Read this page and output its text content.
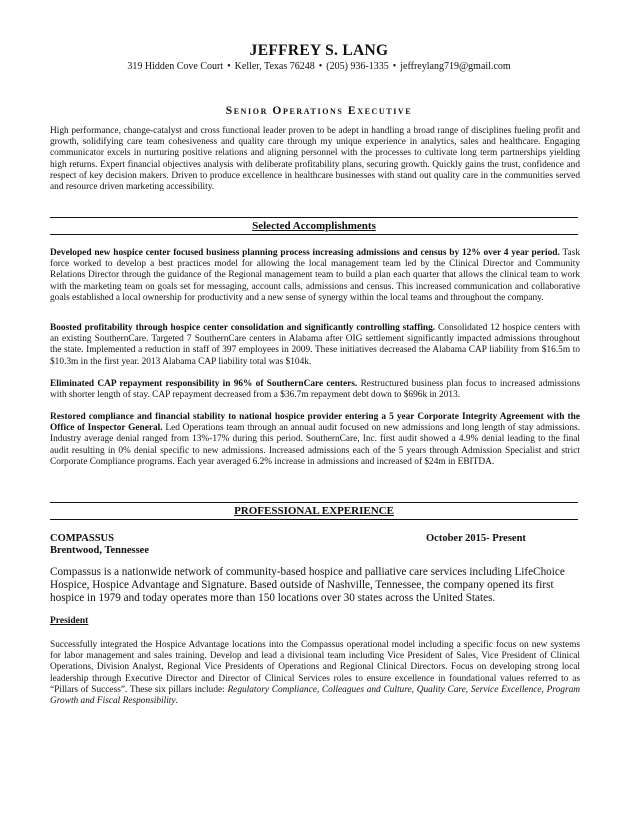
JEFFREY S. LANG
319 Hidden Cove Court • Keller, Texas 76248 • (205) 936-1335 • jeffreylang719@gmail.com
Senior Operations Executive

High performance, change-catalyst and cross functional leader proven to be adept in handling a broad range of disciplines fueling profit and growth, solidifying care team cohesiveness and quality care through my unique experience in analytics, sales and healthcare. Engaging communicator excels in nurturing positive relations and aligning personnel with the processes to cultivate long term partnerships yielding high returns. Expert financial objectives analysis with deliberate profitability plans, securing growth. Quickly gains the trust, confidence and respect of key decision makers. Driven to produce excellence in healthcare businesses with stand out quality care in the communities served and resource driven marketing accessibility.

Selected Accomplishments

Developed new hospice center focused business planning process increasing admissions and census by 12% over 4 year period. Task force worked to develop a best practices model for allowing the local management team led by the Clinical Director and Community Relations Director through the guidance of the Regional management team to build a plan each quarter that allows the clinical team to work with the marketing team on goals set for messaging, account calls, admissions and census. This increased communication and collaborative goals established a local ownership for productivity and a new sense of synergy within the local teams and throughout the company.

Boosted profitability through hospice center consolidation and significantly controlling staffing. Consolidated 12 hospice centers with an existing SouthernCare. Targeted 7 SouthernCare centers in Alabama after OIG settlement significantly impacted admissions throughout the state. Implemented a reduction in staff of 397 employees in 2009. These initiatives decreased the Alabama CAP liability from $16.5m to $10.3m in the first year. 2013 Alabama CAP liability total was $104k.

Eliminated CAP repayment responsibility in 96% of SouthernCare centers. Restructured business plan focus to increased admissions with shorter length of stay. CAP repayment decreased from a $36.7m repayment debt down to $696k in 2013.

Restored compliance and financial stability to national hospice provider entering a 5 year Corporate Integrity Agreement with the Office of Inspector General. Led Operations team through an annual audit focused on new admissions and long length of stay admissions. Industry average denial ranged from 13%-17% during this period. SouthernCare, Inc. first audit showed a 4.9% denial leading to the final audit resulting in 0% denial specific to new admissions. Increased admissions each of the 5 years through Admission Specialist and strict Corporate Compliance programs. Each year averaged 6.2% increase in admissions and increased of $24m in EBITDA.

PROFESSIONAL EXPERIENCE
COMPASSUS	October 2015- Present
Brentwood, Tennessee

Compassus is a nationwide network of community-based hospice and palliative care services including LifeChoice Hospice, Hospice Advantage and Signature. Based outside of Nashville, Tennessee, the company opened its first hospice in 1979 and today operates more than 150 locations over 30 states across the United States.

President

Successfully integrated the Hospice Advantage locations into the Compassus operational model including a specific focus on new systems for labor management and sales training. Develop and lead a divisional team including Vice President of Sales, Vice President of Clinical Operations, Division Analyst, Regional Vice Presidents of Operations and Regional Clinical Directors. Focus on developing strong local leadership through Executive Director and Director of Clinical Services roles to ensure excellence in foundational values referred to as “Pillars of Success”. These six pillars include: Regulatory Compliance, Colleagues and Culture, Quality Care, Service Excellence, Program Growth and Fiscal Responsibility.
